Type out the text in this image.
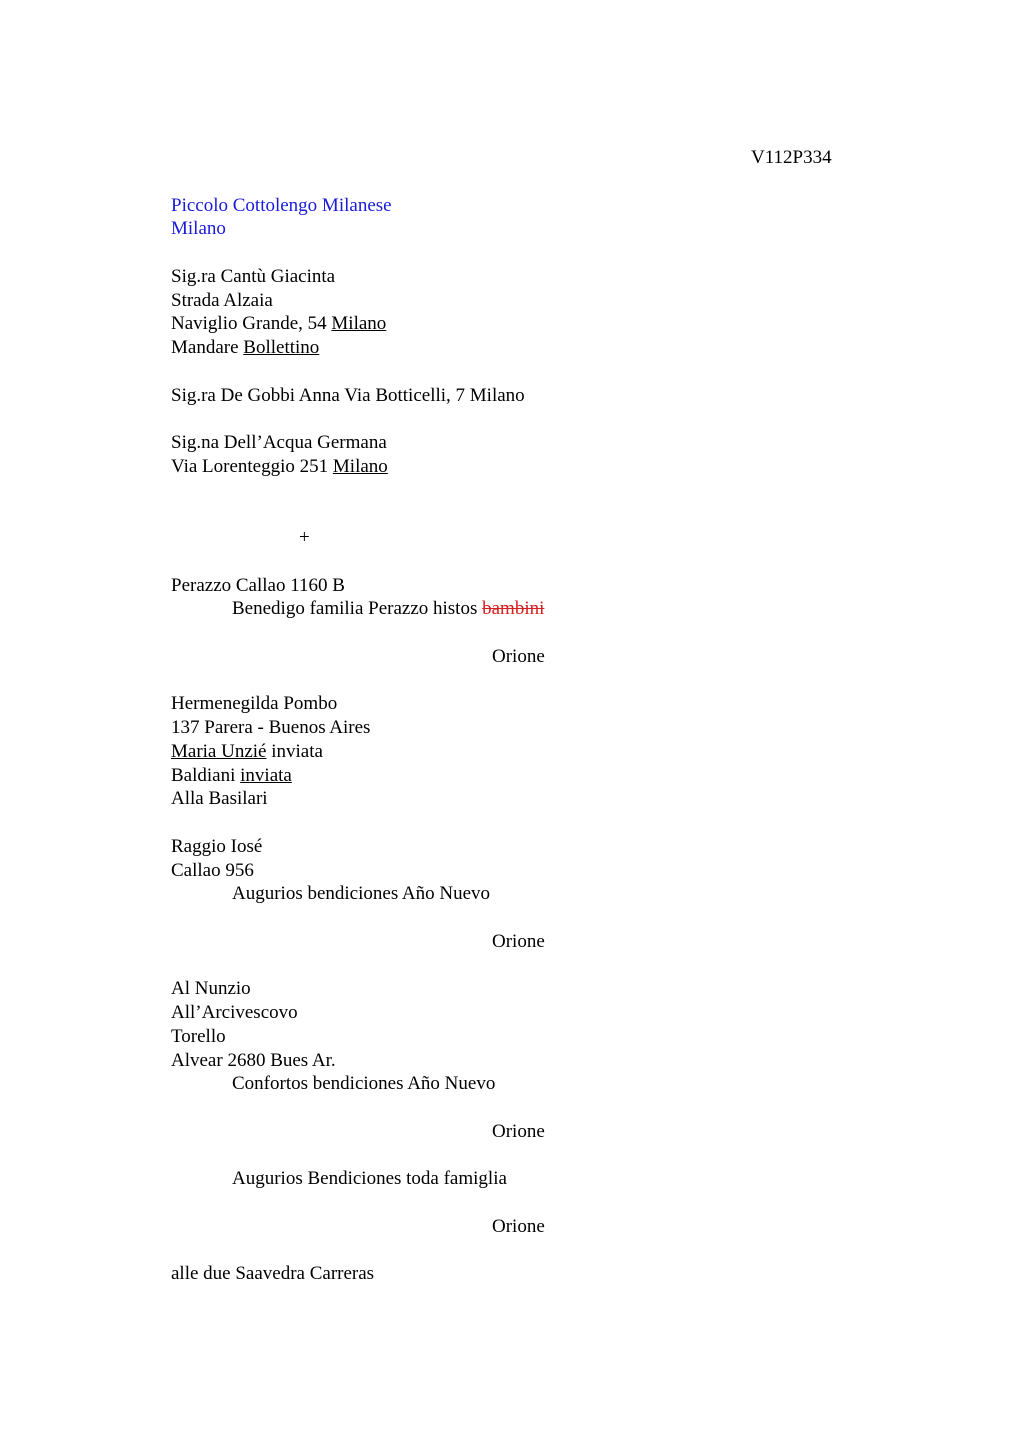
V112P334
Piccolo Cottolengo Milanese
Milano
Sig.ra Cantù Giacinta
Strada Alzaia
Naviglio Grande, 54 Milano
Mandare Bollettino
Sig.ra De Gobbi Anna Via Botticelli, 7 Milano
Sig.na Dell’Acqua Germana
Via Lorenteggio 251 Milano
+
Perazzo Callao 1160 B
Benedigo familia Perazzo histos bambini
Orione
Hermenegilda Pombo
137 Parera - Buenos Aires
Maria Unzié inviata
Baldiani inviata
Alla Basilari
Raggio Iosé
Callao 956
Augurios bendiciones Año Nuevo
Orione
Al Nunzio
All’Arcivescovo
Torello
Alvear 2680 Bues Ar.
Confortos bendiciones Año Nuevo
Orione
Augurios Bendiciones toda famiglia
Orione
alle due Saavedra Carreras
